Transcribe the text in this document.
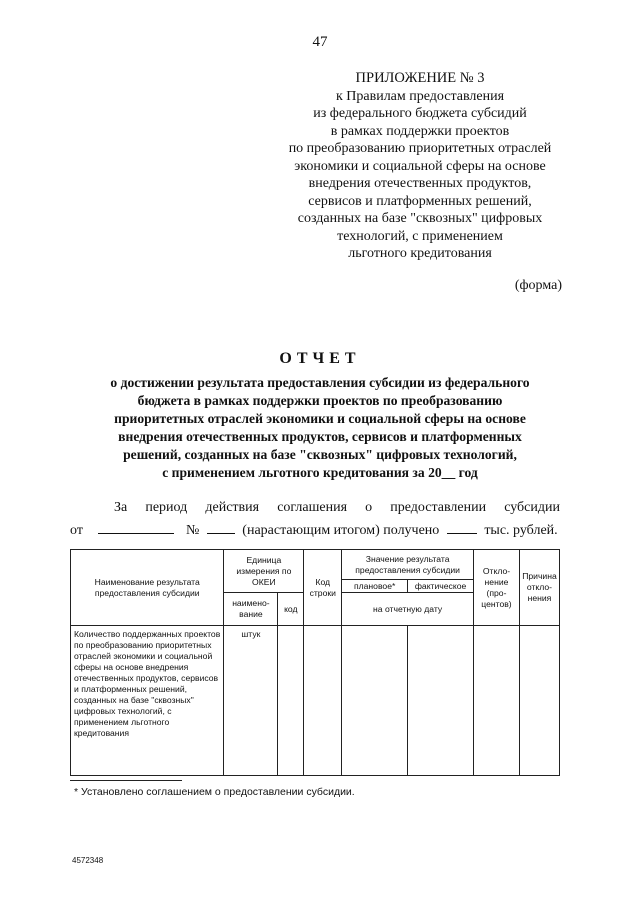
47
ПРИЛОЖЕНИЕ № 3
к Правилам предоставления
из федерального бюджета субсидий
в рамках поддержки проектов
по преобразованию приоритетных отраслей
экономики и социальной сферы на основе
внедрения отечественных продуктов,
сервисов и платформенных решений,
созданных на базе "сквозных" цифровых
технологий, с применением
льготного кредитования
(форма)
ОТЧЕТ
о достижении результата предоставления субсидии из федерального
бюджета в рамках поддержки проектов по преобразованию
приоритетных отраслей экономики и социальной сферы на основе
внедрения отечественных продуктов, сервисов и платформенных
решений, созданных на базе "сквозных" цифровых технологий,
с применением льготного кредитования за 20__ год
За период действия соглашения о предоставлении субсидии
от	№	(нарастающим итогом) получено	тыс. рублей.
Наименование результата предоставления субсидии	Единица измерения по ОКЕИ		Код строки	Значение результата предоставления субсидии		Откло-нение (про-центов)	Причина откло-нения
				плановое*	фактическое		
	наимено-вание	код		на отчетную дату			
Количество поддержанных проектов по преобразованию приоритетных отраслей экономики и социальной сферы на основе внедрения отечественных продуктов, сервисов и платформенных решений, созданных на базе "сквозных" цифровых технологий, с применением льготного кредитования	штук						
* Установлено соглашением о предоставлении субсидии.
4572348
